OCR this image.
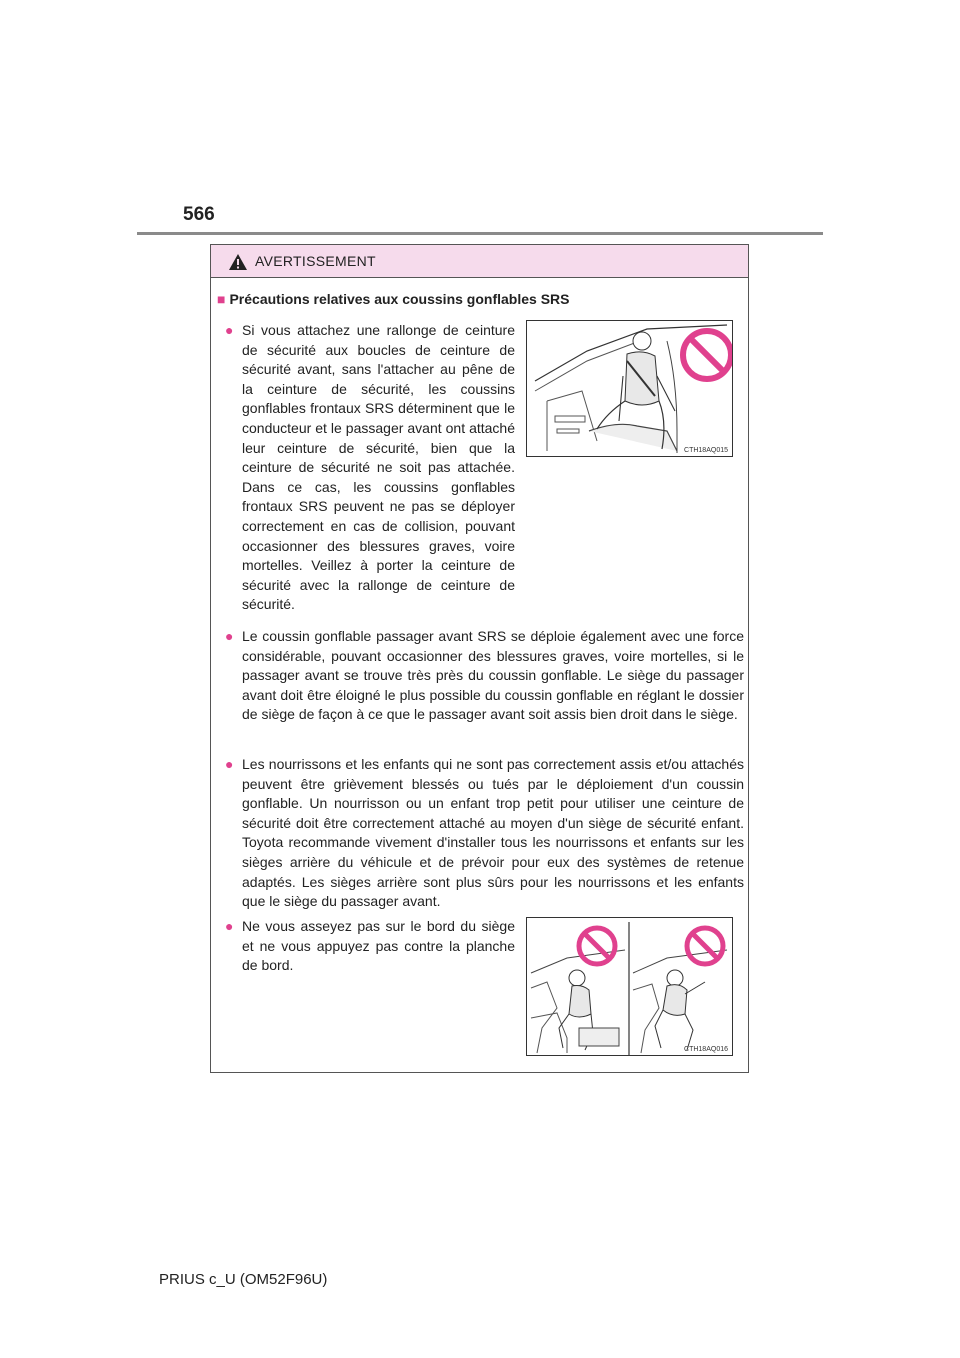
566
AVERTISSEMENT
■ Précautions relatives aux coussins gonflables SRS
● Si vous attachez une rallonge de ceinture de sécurité aux boucles de ceinture de sécurité avant, sans l'attacher au pêne de la ceinture de sécurité, les coussins gonflables frontaux SRS déterminent que le conducteur et le passager avant ont attaché leur ceinture de sécurité, bien que la ceinture de sécurité ne soit pas attachée. Dans ce cas, les coussins gonflables frontaux SRS peuvent ne pas se déployer correctement en cas de collision, pouvant occasionner des blessures graves, voire mortelles. Veillez à porter la ceinture de sécurité avec la rallonge de ceinture de sécurité.
CTH18AQ015
● Le coussin gonflable passager avant SRS se déploie également avec une force considérable, pouvant occasionner des blessures graves, voire mortelles, si le passager avant se trouve très près du coussin gonflable. Le siège du passager avant doit être éloigné le plus possible du coussin gonflable en réglant le dossier de siège de façon à ce que le passager avant soit assis bien droit dans le siège.
● Les nourrissons et les enfants qui ne sont pas correctement assis et/ou attachés peuvent être grièvement blessés ou tués par le déploiement d'un coussin gonflable. Un nourrisson ou un enfant trop petit pour utiliser une ceinture de sécurité doit être correctement attaché au moyen d'un siège de sécurité enfant. Toyota recommande vivement d'installer tous les nourrissons et enfants sur les sièges arrière du véhicule et de prévoir pour eux des systèmes de retenue adaptés. Les sièges arrière sont plus sûrs pour les nourrissons et les enfants que le siège du passager avant.
● Ne vous asseyez pas sur le bord du siège et ne vous appuyez pas contre la planche de bord.
CTH18AQ016
PRIUS c_U (OM52F96U)
